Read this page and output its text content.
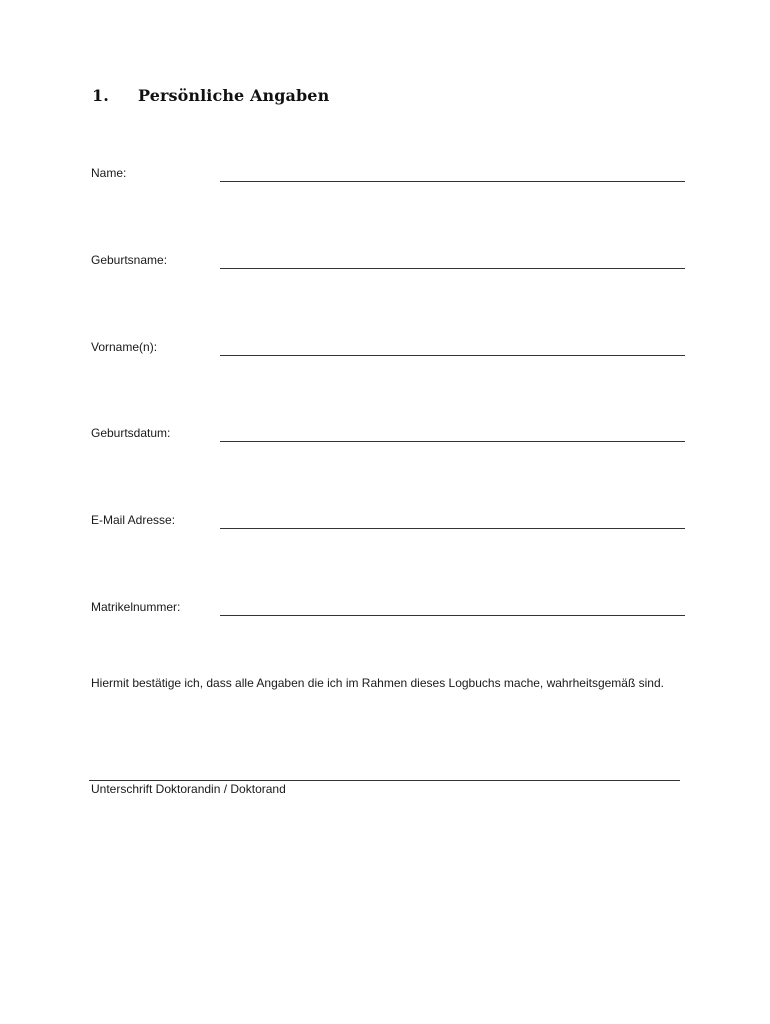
1. Persönliche Angaben
Name:
Geburtsname:
Vorname(n):
Geburtsdatum:
E-Mail Adresse:
Matrikelnummer:
Hiermit bestätige ich, dass alle Angaben die ich im Rahmen dieses Logbuchs mache, wahrheitsgemäß sind.
Unterschrift Doktorandin / Doktorand
